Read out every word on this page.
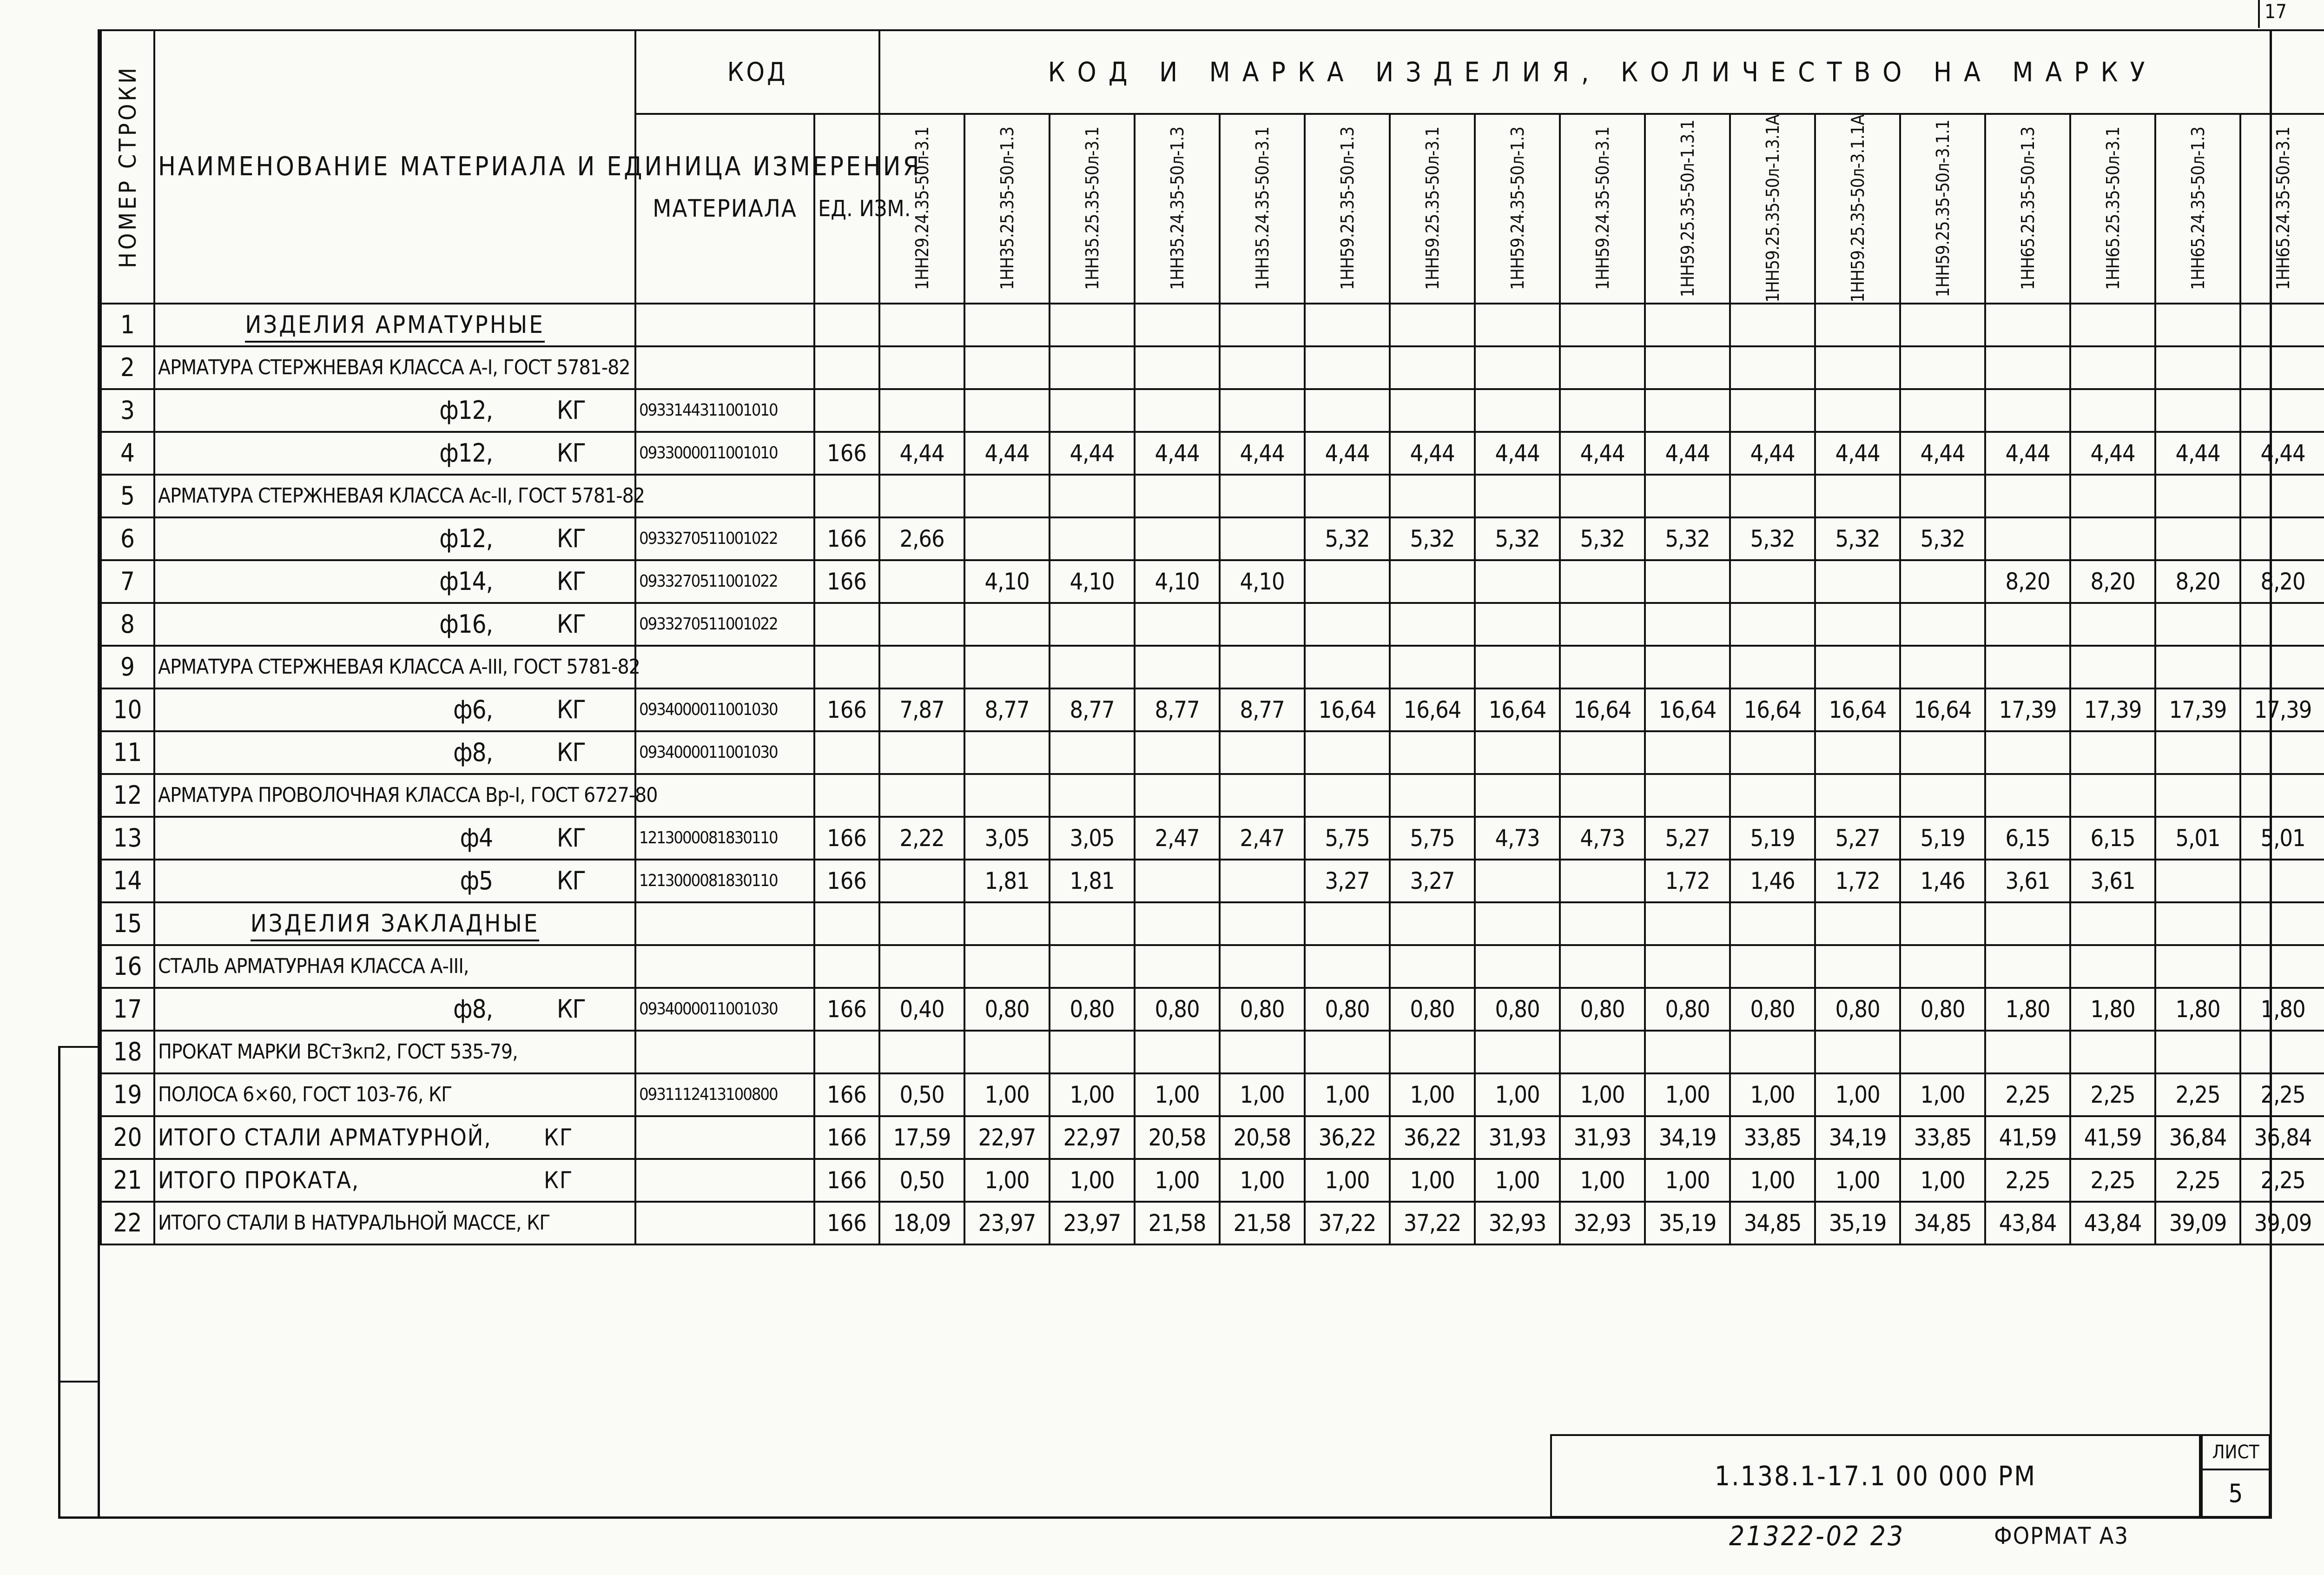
17
НОМЕР СТРОКИ	НАИМЕНОВАНИЕ МАТЕРИАЛА И ЕДИНИЦА ИЗМЕРЕНИЯ	КОД		КОД И МАРКА ИЗДЕЛИЯ, КОЛИЧЕСТВО НА МАРКУ																
		МАТЕРИАЛА	ЕД. ИЗМ.	1НН29.24.35-50л-3.1	1НН35.25.35-50л-1.3	1НН35.25.35-50л-3.1	1НН35.24.35-50л-1.3	1НН35.24.35-50л-3.1	1НН59.25.35-50л-1.3	1НН59.25.35-50л-3.1	1НН59.24.35-50л-1.3	1НН59.24.35-50л-3.1	1НН59.25.35-50л-1.3.1	1НН59.25.35-50л-1.3.1А	1НН59.25.35-50л-3.1.1А	1НН59.25.35-50л-3.1.1	1НН65.25.35-50л-1.3	1НН65.25.35-50л-3.1	1НН65.24.35-50л-1.3	1НН65.24.35-50л-3.1

1	ИЗДЕЛИЯ АРМАТУРНЫЕ																			
2	АРМАТУРА СТЕРЖНЕВАЯ КЛАССА А-I, ГОСТ 5781-82																			
3	ф12, КГ	0933144311001010																		
4	ф12, КГ	0933000011001010	166	4,44	4,44	4,44	4,44	4,44	4,44	4,44	4,44	4,44	4,44	4,44	4,44	4,44	4,44	4,44	4,44	4,44
5	АРМАТУРА СТЕРЖНЕВАЯ КЛАССА Ас-II, ГОСТ 5781-82																			
6	ф12, КГ	0933270511001022	166	2,66					5,32	5,32	5,32	5,32	5,32	5,32	5,32	5,32				
7	ф14, КГ	0933270511001022	166		4,10	4,10	4,10	4,10									8,20	8,20	8,20	8,20
8	ф16, КГ	0933270511001022																		
9	АРМАТУРА СТЕРЖНЕВАЯ КЛАССА А-III, ГОСТ 5781-82																			
10	ф6, КГ	0934000011001030	166	7,87	8,77	8,77	8,77	8,77	16,64	16,64	16,64	16,64	16,64	16,64	16,64	16,64	17,39	17,39	17,39	17,39
11	ф8, КГ	0934000011001030																		
12	АРМАТУРА ПРОВОЛОЧНАЯ КЛАССА Вр-I, ГОСТ 6727-80																			
13	ф4 КГ	1213000081830110	166	2,22	3,05	3,05	2,47	2,47	5,75	5,75	4,73	4,73	5,27	5,19	5,27	5,19	6,15	6,15	5,01	5,01
14	ф5 КГ	1213000081830110	166		1,81	1,81			3,27	3,27			1,72	1,46	1,72	1,46	3,61	3,61		
15	ИЗДЕЛИЯ ЗАКЛАДНЫЕ																			
16	СТАЛЬ АРМАТУРНАЯ КЛАССА А-III,																			
17	ф8, КГ	0934000011001030	166	0,40	0,80	0,80	0,80	0,80	0,80	0,80	0,80	0,80	0,80	0,80	0,80	0,80	1,80	1,80	1,80	1,80
18	ПРОКАТ МАРКИ ВСт3кп2, ГОСТ 535-79,																			
19	ПОЛОСА 6×60, ГОСТ 103-76, КГ	0931112413100800	166	0,50	1,00	1,00	1,00	1,00	1,00	1,00	1,00	1,00	1,00	1,00	1,00	1,00	2,25	2,25	2,25	2,25
20	ИТОГО СТАЛИ АРМАТУРНОЙ, КГ		166	17,59	22,97	22,97	20,58	20,58	36,22	36,22	31,93	31,93	34,19	33,85	34,19	33,85	41,59	41,59	36,84	36,84
21	ИТОГО ПРОКАТА, КГ		166	0,50	1,00	1,00	1,00	1,00	1,00	1,00	1,00	1,00	1,00	1,00	1,00	1,00	2,25	2,25	2,25	2,25
22	ИТОГО СТАЛИ В НАТУРАЛЬНОЙ МАССЕ, КГ		166	18,09	23,97	23,97	21,58	21,58	37,22	37,22	32,93	32,93	35,19	34,85	35,19	34,85	43,84	43,84	39,09	39,09
1.138.1-17.1 00 000 РМ
ЛИСТ
5
21322-02 23	ФОРМАТ А3
